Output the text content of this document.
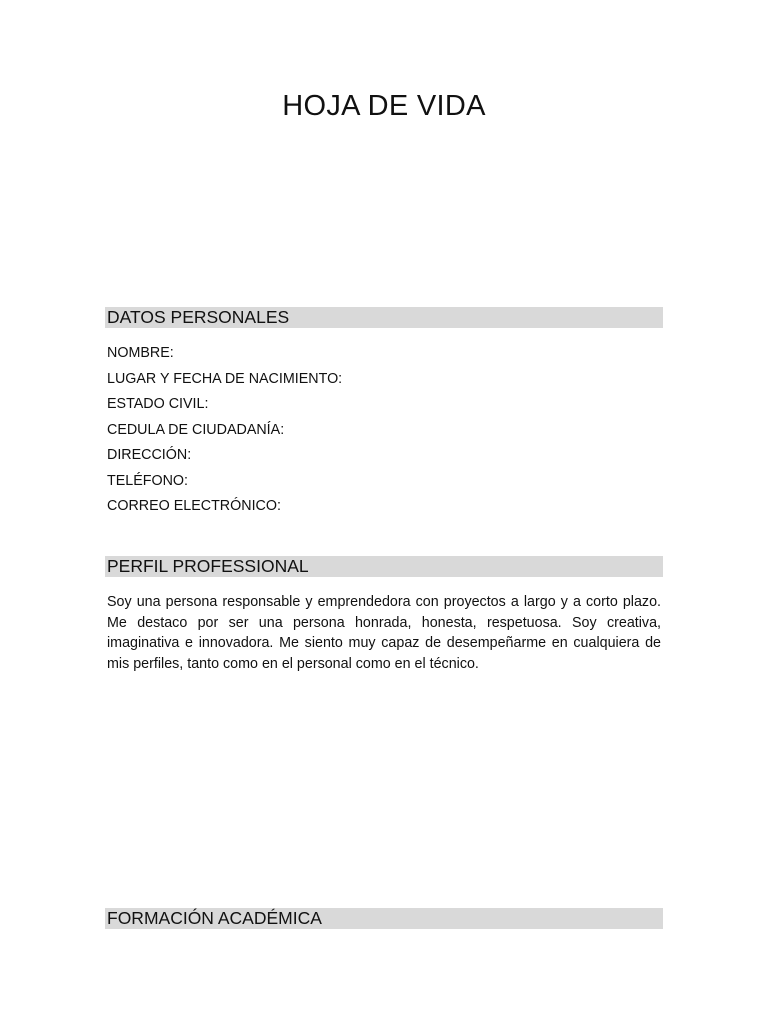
HOJA DE VIDA
DATOS PERSONALES
NOMBRE:
LUGAR Y FECHA DE NACIMIENTO:
ESTADO CIVIL:
CEDULA DE CIUDADANÍA:
DIRECCIÓN:
TELÉFONO:
CORREO ELECTRÓNICO:
PERFIL PROFESSIONAL

Soy una persona responsable y emprendedora con proyectos a largo y a corto plazo. Me destaco por ser una persona honrada, honesta, respetuosa. Soy creativa, imaginativa e innovadora. Me siento muy capaz de desempeñarme en cualquiera de mis perfiles, tanto como en el personal como en el técnico.

FORMACIÓN ACADÉMICA
